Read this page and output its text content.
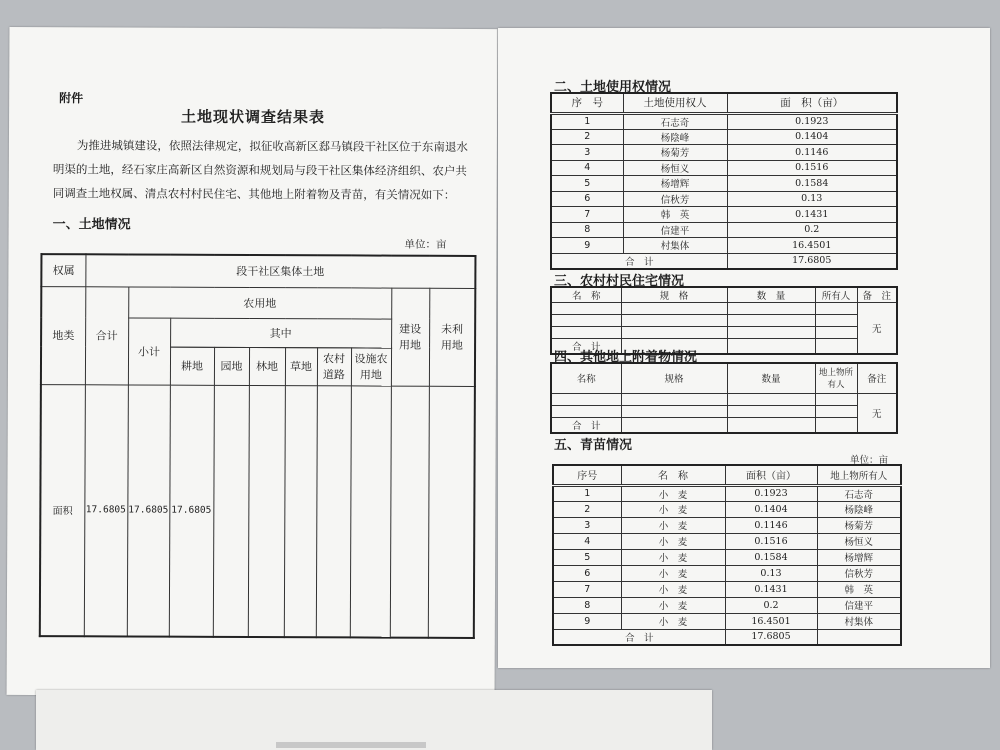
附件
土地现状调查结果表
为推进城镇建设，依照法律规定，拟征收高新区郄马镇段干社区位于东南退水明渠的土地，经石家庄高新区自然资源和规划局与段干社区集体经济组织、农户共同调查土地权属、清点农村村民住宅、其他地上附着物及青苗，有关情况如下：
一、土地情况
单位：亩
权属	段干社区集体土地									
地类	合计	农用地							建设用地	未利用地
		小计	其中							

			耕地	园地	林地	草地	农村道路	设施农用地		
面积	17.6805	17.6805	17.6805							
二、土地使用权情况
序　号	土地使用权人	面　积（亩）
1	石志奇	0.1923
2	杨陰峰	0.1404
3	杨菊芳	0.1146
4	杨恒义	0.1516
5	杨增辉	0.1584
6	信秋芳	0.13
7	韩　英	0.1431
8	信建平	0.2
9	村集体	16.4501
合　计		17.6805
三、农村村民住宅情况
名　称	规　格	数　量	所有人	备　注
				无

合　计				
四、其他地上附着物情况
名称	规格	数量	地上物所有人	备注
				无

合　计				
五、青苗情况
单位：亩
序号	名　称	面积（亩）	地上物所有人
1	小　麦	0.1923	石志奇
2	小　麦	0.1404	杨陰峰
3	小　麦	0.1146	杨菊芳
4	小　麦	0.1516	杨恒义
5	小　麦	0.1584	杨增辉
6	小　麦	0.13	信秋芳
7	小　麦	0.1431	韩　英
8	小　麦	0.2	信建平
9	小　麦	16.4501	村集体
合　计		17.6805	
